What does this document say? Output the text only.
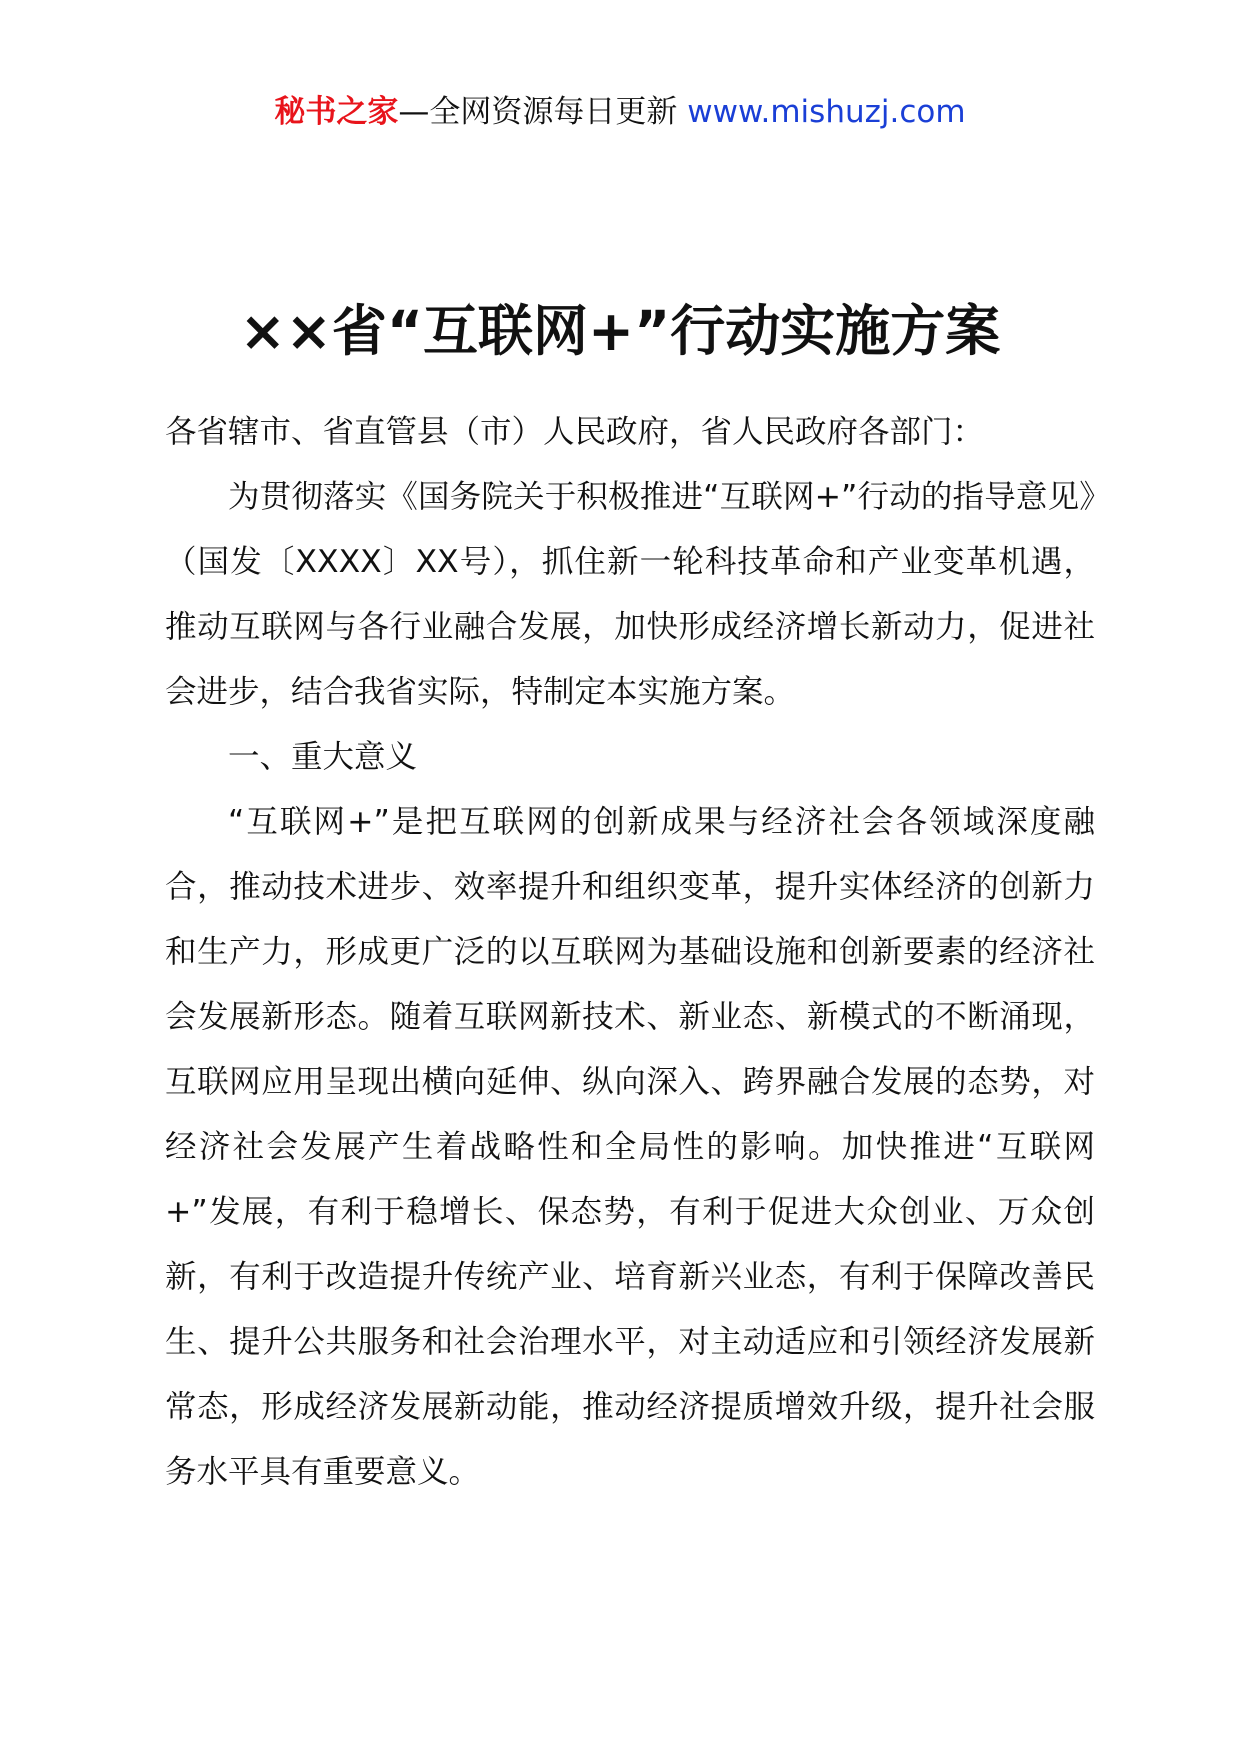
秘书之家—全网资源每日更新 www.mishuzj.com
××省“互联网+”行动实施方案

各省辖市、省直管县（市）人民政府，省人民政府各部门：

为贯彻落实《国务院关于积极推进“互联网+”行动的指导意见》（国发〔XXXX〕XX号），抓住新一轮科技革命和产业变革机遇，推动互联网与各行业融合发展，加快形成经济增长新动力，促进社会进步，结合我省实际，特制定本实施方案。

一、重大意义

“互联网+”是把互联网的创新成果与经济社会各领域深度融合，推动技术进步、效率提升和组织变革，提升实体经济的创新力和生产力，形成更广泛的以互联网为基础设施和创新要素的经济社会发展新形态。随着互联网新技术、新业态、新模式的不断涌现，互联网应用呈现出横向延伸、纵向深入、跨界融合发展的态势，对经济社会发展产生着战略性和全局性的影响。加快推进“互联网+”发展，有利于稳增长、保态势，有利于促进大众创业、万众创新，有利于改造提升传统产业、培育新兴业态，有利于保障改善民生、提升公共服务和社会治理水平，对主动适应和引领经济发展新常态，形成经济发展新动能，推动经济提质增效升级，提升社会服务水平具有重要意义。
